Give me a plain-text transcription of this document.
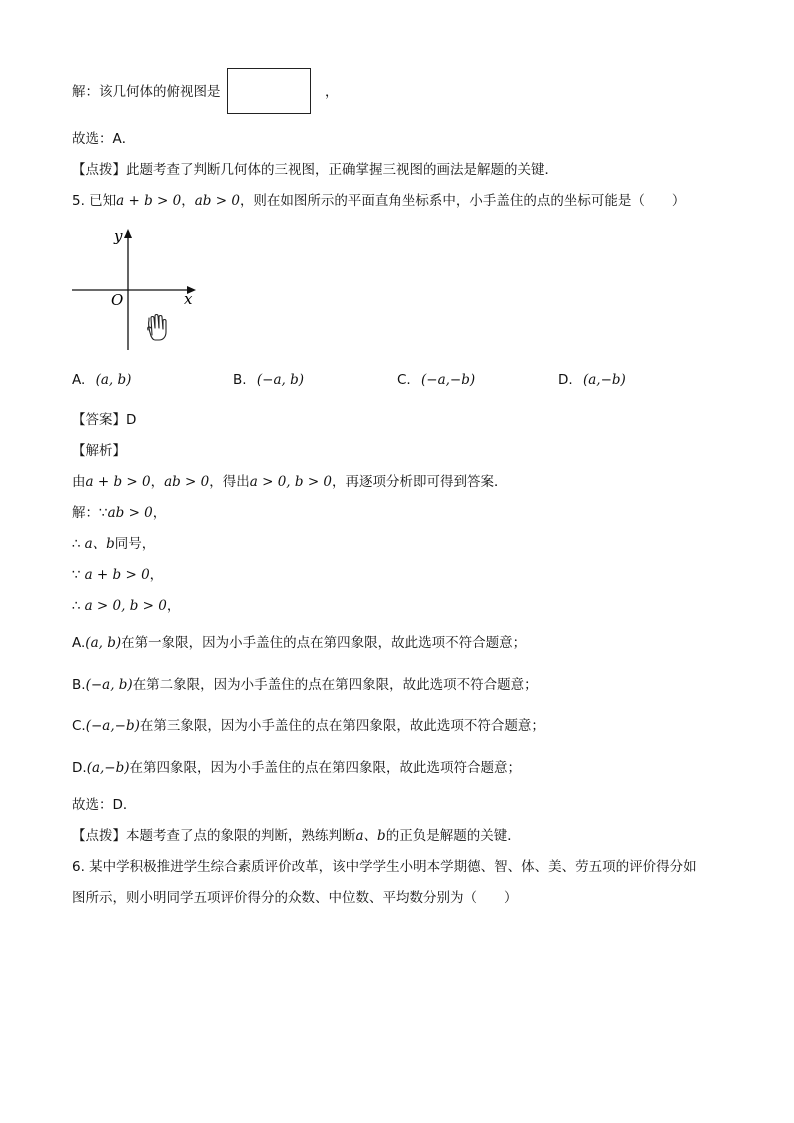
解：该几何体的俯视图是	，
故选：A．
【点拨】此题考查了判断几何体的三视图，正确掌握三视图的画法是解题的关键．
5. 已知a + b > 0，ab > 0，则在如图所示的平面直角坐标系中，小手盖住的点的坐标可能是（　　）
y
x
O
A. (a, b)	B. (−a, b)	C. (−a,−b)	D. (a,−b)
【答案】D
【解析】
由a + b > 0，ab > 0，得出a > 0, b > 0，再逐项分析即可得到答案．
解：∵ab > 0，
∴ a、b同号，
∵ a + b > 0，
∴ a > 0, b > 0，
A.(a, b)在第一象限，因为小手盖住的点在第四象限，故此选项不符合题意；
B.(−a, b)在第二象限，因为小手盖住的点在第四象限，故此选项不符合题意；
C.(−a,−b)在第三象限，因为小手盖住的点在第四象限，故此选项不符合题意；
D.(a,−b)在第四象限，因为小手盖住的点在第四象限，故此选项符合题意；
故选：D．
【点拨】本题考查了点的象限的判断，熟练判断a、b的正负是解题的关键．
6. 某中学积极推进学生综合素质评价改革，该中学学生小明本学期德、智、体、美、劳五项的评价得分如
图所示，则小明同学五项评价得分的众数、中位数、平均数分别为（　　）
